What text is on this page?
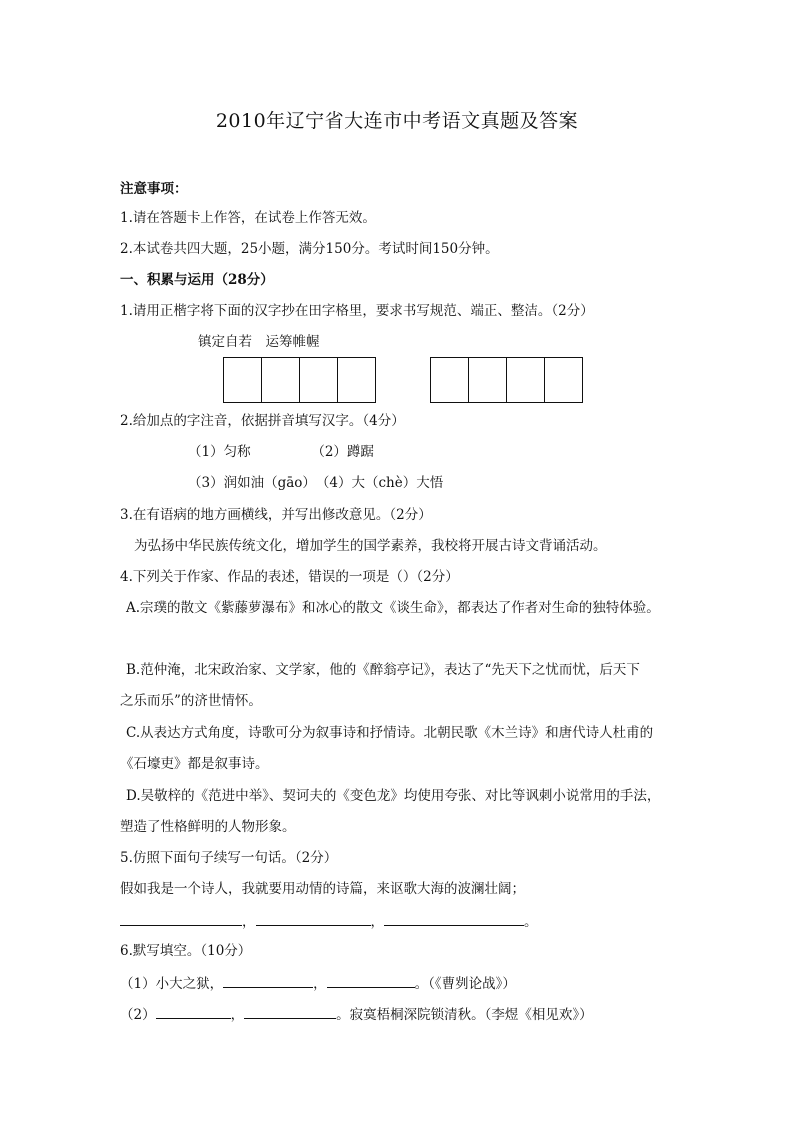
2010年辽宁省大连市中考语文真题及答案
注意事项：
1.请在答题卡上作答，在试卷上作答无效。
2.本试卷共四大题，25小题，满分150分。考试时间150分钟。
一、积累与运用（28分）
1.请用正楷字将下面的汉字抄在田字格里，要求书写规范、端正、整洁。（2分）
镇定自若　运筹帷幄
2.给加点的字注音，依据拼音填写汉字。（4分）
（1）匀称　　　　　（2）蹲踞
（3）润如油（gāo）　（4）大（chè）大悟
3.在有语病的地方画横线，并写出修改意见。（2分）
为弘扬中华民族传统文化，增加学生的国学素养，我校将开展古诗文背诵活动。
4.下列关于作家、作品的表述，错误的一项是（）（2分）
A.宗璞的散文《紫藤萝瀑布》和冰心的散文《谈生命》，都表达了作者对生命的独特体验。
B.范仲淹，北宋政治家、文学家，他的《醉翁亭记》，表达了“先天下之忧而忧，后天下
之乐而乐”的济世情怀。
C.从表达方式角度，诗歌可分为叙事诗和抒情诗。北朝民歌《木兰诗》和唐代诗人杜甫的
《石壕吏》都是叙事诗。
D.吴敬梓的《范进中举》、契诃夫的《变色龙》均使用夸张、对比等讽刺小说常用的手法，
塑造了性格鲜明的人物形象。
5.仿照下面句子续写一句话。（2分）
假如我是一个诗人，我就要用动情的诗篇，来讴歌大海的波澜壮阔；
，	，	。
6.默写填空。（10分）
（1）小大之狱，	，	。（《曹刿论战》）
（2）	，	。寂寞梧桐深院锁清秋。（李煜《相见欢》）
